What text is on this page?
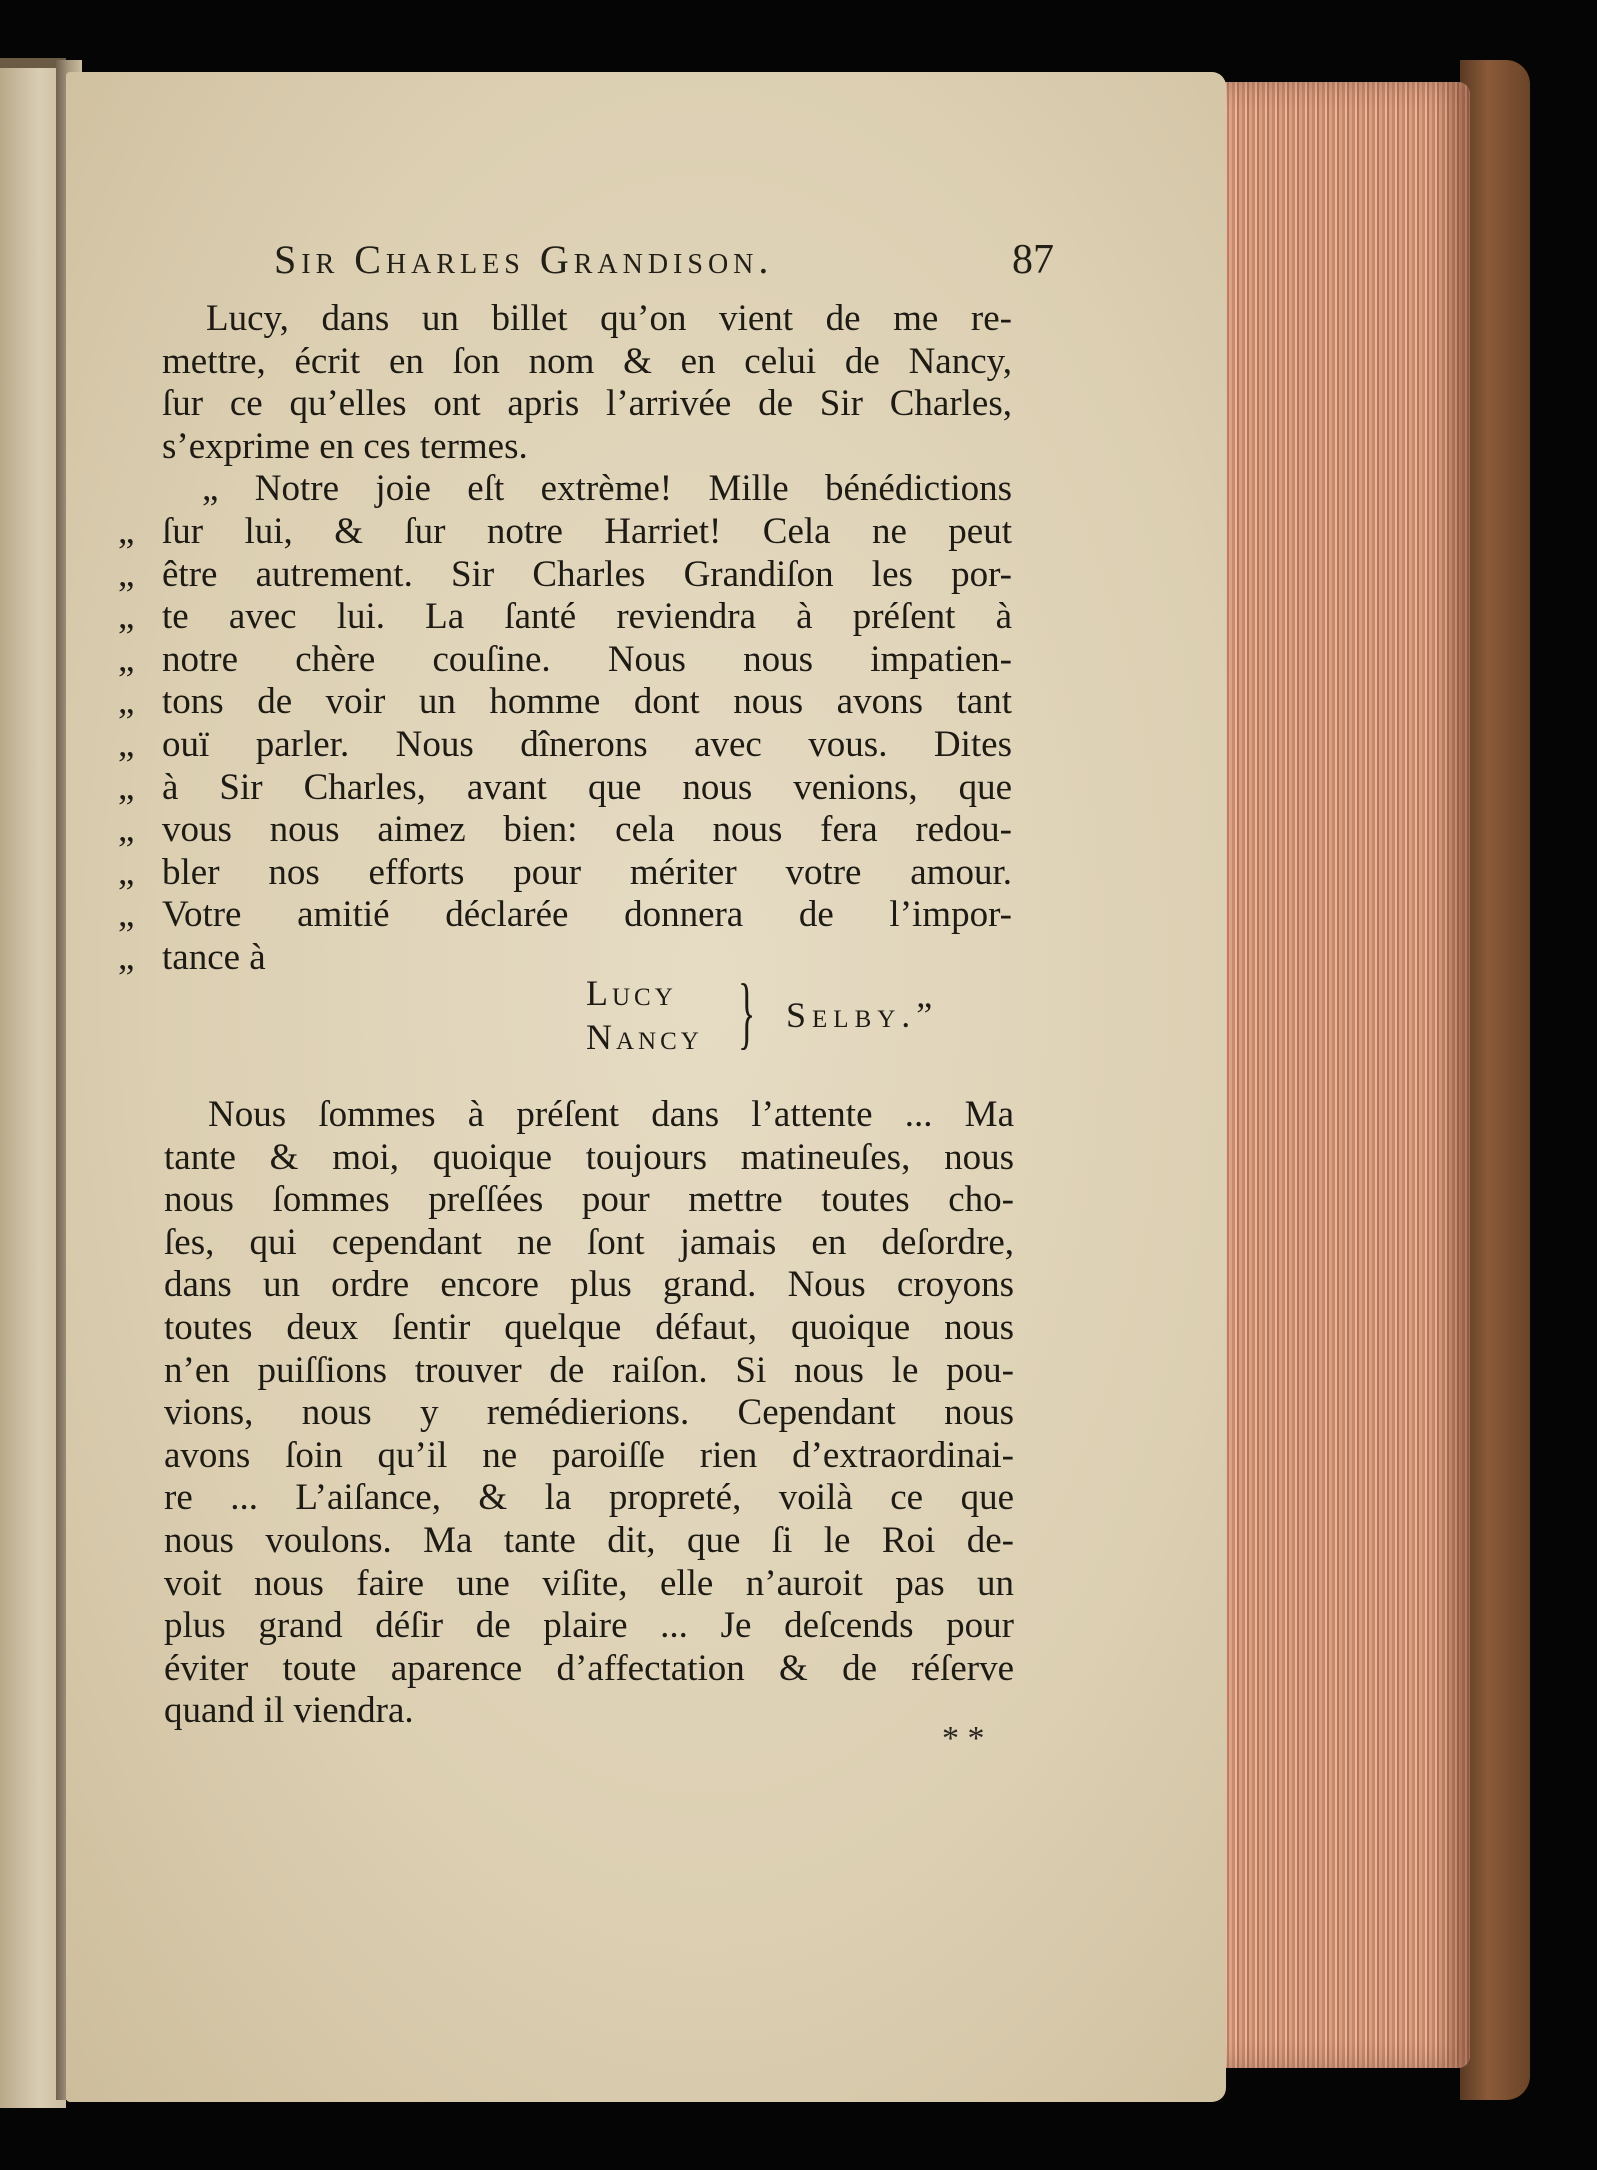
Sir Charles Grandison.	87
Lucy, dans un billet qu’on vient de me re-
mettre, écrit en ſon nom & en celui de Nancy,
ſur ce qu’elles ont apris l’arrivée de Sir Charles,
s’exprime en ces termes.
„ Notre joie eſt extrème! Mille bénédictions
„ ſur lui, & ſur notre Harriet! Cela ne peut
„ être autrement. Sir Charles Grandiſon les por-
„ te avec lui. La ſanté reviendra à préſent à
„ notre chère couſine. Nous nous impatien-
„ tons de voir un homme dont nous avons tant
„ ouï parler. Nous dînerons avec vous. Dites
„ à Sir Charles, avant que nous venions, que
„ vous nous aimez bien: cela nous fera redou-
„ bler nos efforts pour mériter votre amour.
„ Votre amitié déclarée donnera de l’impor-
„ tance à
Lucy
Nancy } Selby.”
Nous ſommes à préſent dans l’attente ... Ma
tante & moi, quoique toujours matineuſes, nous
nous ſommes preſſées pour mettre toutes cho-
ſes, qui cependant ne ſont jamais en deſordre,
dans un ordre encore plus grand. Nous croyons
toutes deux ſentir quelque défaut, quoique nous
n’en puiſſions trouver de raiſon. Si nous le pou-
vions, nous y remédierions. Cependant nous
avons ſoin qu’il ne paroiſſe rien d’extraordinai-
re ... L’aiſance, & la propreté, voilà ce que
nous voulons. Ma tante dit, que ſi le Roi de-
voit nous faire une viſite, elle n’auroit pas un
plus grand déſir de plaire ... Je deſcends pour
éviter toute aparence d’affectation & de réſerve
quand il viendra.
* *
